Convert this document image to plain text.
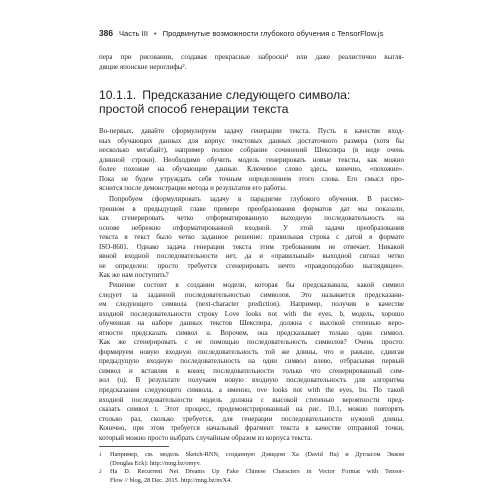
386 Часть III • Продвинутые возможности глубокого обучения с TensorFlow.js
пера при рисовании, создавая прекрасные наброски¹ или даже реалистично выгля-
дящие японские иероглифы².
10.1.1. Предсказание следующего символа:
простой способ генерации текста
Во-первых, давайте сформулируем задачу генерации текста. Пусть в качестве вход-
ных обучающих данных для корпус текстовых данных достаточного размера (хотя бы
несколько мегабайт), например полное собрание сочинений Шекспира (в виде очень
длинной строки). Необходимо обучить модель генерировать новые тексты, как можно
более похожие на обучающие данные. Ключевое слово здесь, конечно, «похожие».
Пока не будем утруждать себя точным определением этого слова. Его смысл про-
яснится после демонстрации метода и результатов его работы.
Попробуем сформулировать задачу в парадигме глубокого обучения. В рассмо-
тренном в предыдущей главе примере преобразования форматов дат мы показали,
как сгенерировать четко отформатированную выходную последовательность на
основе небрежно отформатированной входной. У этой задачи преобразования
текста в текст было четко заданное решение: правильная строка с датой в формате
ISO-8601. Однако задача генерации текста этим требованиям не отвечает. Никакой
явной входной последовательности нет, да и «правильный» выходной сигнал четко
не определен: просто требуется сгенерировать нечто «правдоподобно выглядящее».
Как же нам поступить?
Решение состоит в создании модели, которая бы предсказывала, какой символ
следует за заданной последовательностью символов. Это называется предсказани-
ем следующего символа (next-character prediction). Например, получив в качестве
входной последовательности строку Love looks not with the eyes, b, модель, хорошо
обученная на наборе данных текстов Шекспира, должна с высокой степенью веро-
ятности предсказать символ u. Впрочем, она предсказывает только один символ.
Как же сгенерировать с ее помощью последовательность символов? Очень просто:
формируем новую входную последовательность той же длины, что и раньше, сдвигая
предыдущую входную последовательность на один символ влево, отбрасывая первый
символ и вставляя в конец последовательности только что сгенерированный сим-
вол (u). В результате получаем новую входную последовательность для алгоритма
предсказания следующего символа, а именно, ove looks not with the eyes, bu. По такой
входной последовательности модель должна с высокой степенью вероятности пред-
сказать символ t. Этот процесс, продемонстрированный на рис. 10.1, можно повторять
столько раз, сколько требуется, для генерации последовательности нужной длины.
Конечно, при этом требуется начальный фрагмент текста в качестве отправной точки,
который можно просто выбрать случайным образом из корпуса текста.
1	Например, см. модель Sketch-RNN, созданную Дэвидом Ха (David Ha) и Дугласом Экком
(Douglas Eck): http://mng.bz/omyv.
2	Ha D. Recurrent Net Dreams Up Fake Chinese Characters in Vector Format with Tensor-
Flow // blog, 28 Dec. 2015. http://mng.bz/nvX4.
